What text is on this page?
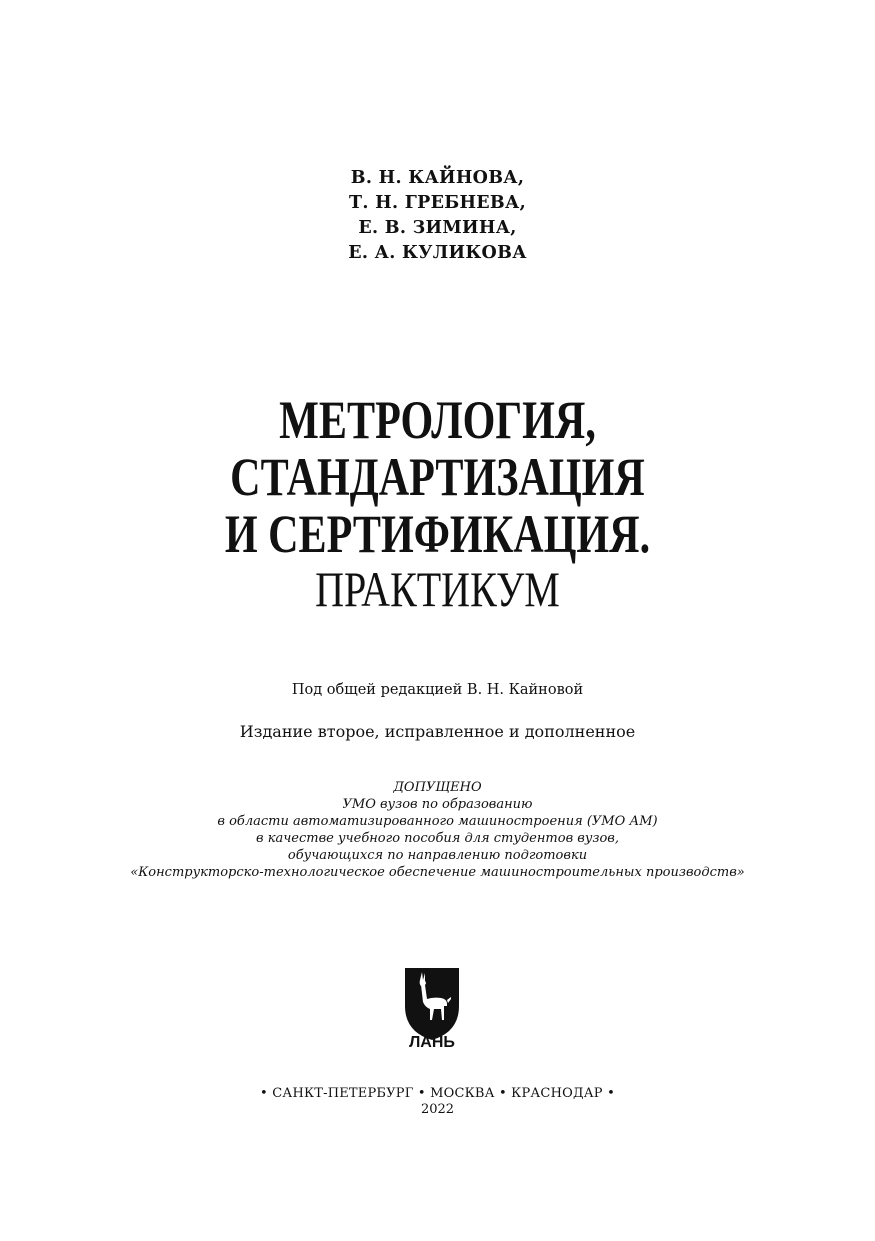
В. Н. КАЙНОВА,
Т. Н. ГРЕБНЕВА,
Е. В. ЗИМИНА,
Е. А. КУЛИКОВА
МЕТРОЛОГИЯ,
СТАНДАРТИЗАЦИЯ
И СЕРТИФИКАЦИЯ.
ПРАКТИКУМ
Под общей редакцией В. Н. Кайновой
Издание второе, исправленное и дополненное
ДОПУЩЕНО
УМО вузов по образованию
в области автоматизированного машиностроения (УМО АМ)
в качестве учебного пособия для студентов вузов,
обучающихся по направлению подготовки
«Конструкторско-технологическое обеспечение машиностроительных производств»
ЛАНЬ
• САНКТ-ПЕТЕРБУРГ • МОСКВА • КРАСНОДАР •
2022
